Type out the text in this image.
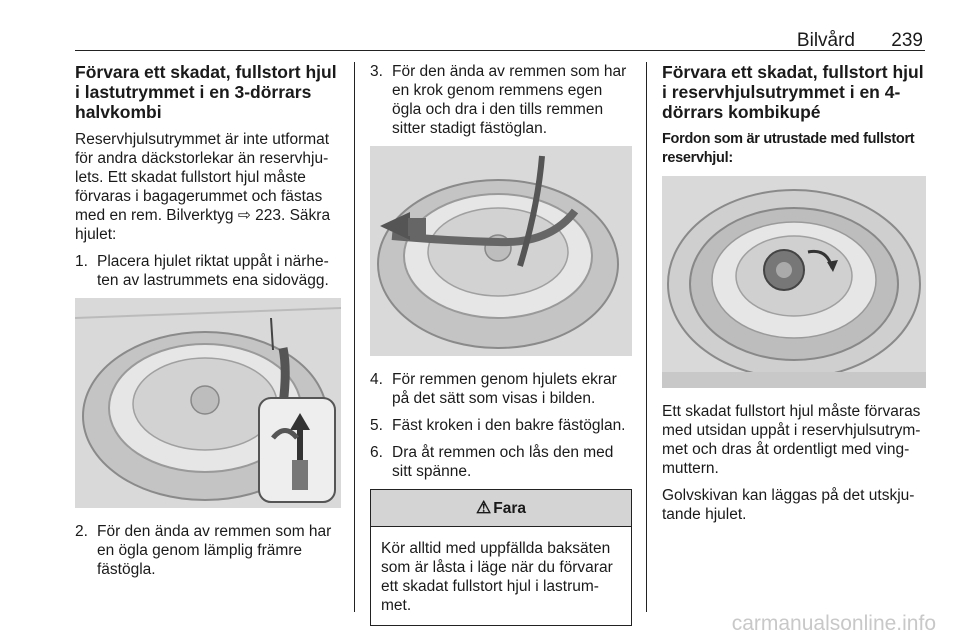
Bilvård 239
Förvara ett skadat, fullstort hjul i lastutrymmet i en 3-dörrars halvkombi

Reservhjulsutrymmet är inte utformat för andra däckstorlekar än reservhju-lets. Ett skadat fullstort hjul måste förvaras i bagagerummet och fästas med en rem. Bilverktyg ⇨ 223. Säkra hjulet:

1. Placera hjulet riktat uppåt i närhe-ten av lastrummets ena sidovägg.
2. För den ända av remmen som har en ögla genom lämplig främre fästögla.
3. För den ända av remmen som har en krok genom remmens egen ögla och dra i den tills remmen sitter stadigt fästöglan.
4. För remmen genom hjulets ekrar på det sätt som visas i bilden.
5. Fäst kroken i den bakre fästöglan.
6. Dra åt remmen och lås den med sitt spänne.
⚠ Fara
Kör alltid med uppfällda baksäten som är låsta i läge när du förvarar ett skadat fullstort hjul i lastrum-met.
Förvara ett skadat, fullstort hjul i reservhjulsutrymmet i en 4-dörrars kombikupé

Fordon som är utrustade med fullstort reservhjul:

Ett skadat fullstort hjul måste förvaras med utsidan uppåt i reservhjulsutrym-met och dras åt ordentligt med ving-muttern.

Golvskivan kan läggas på det utskju-tande hjulet.

carmanualsonline.info
